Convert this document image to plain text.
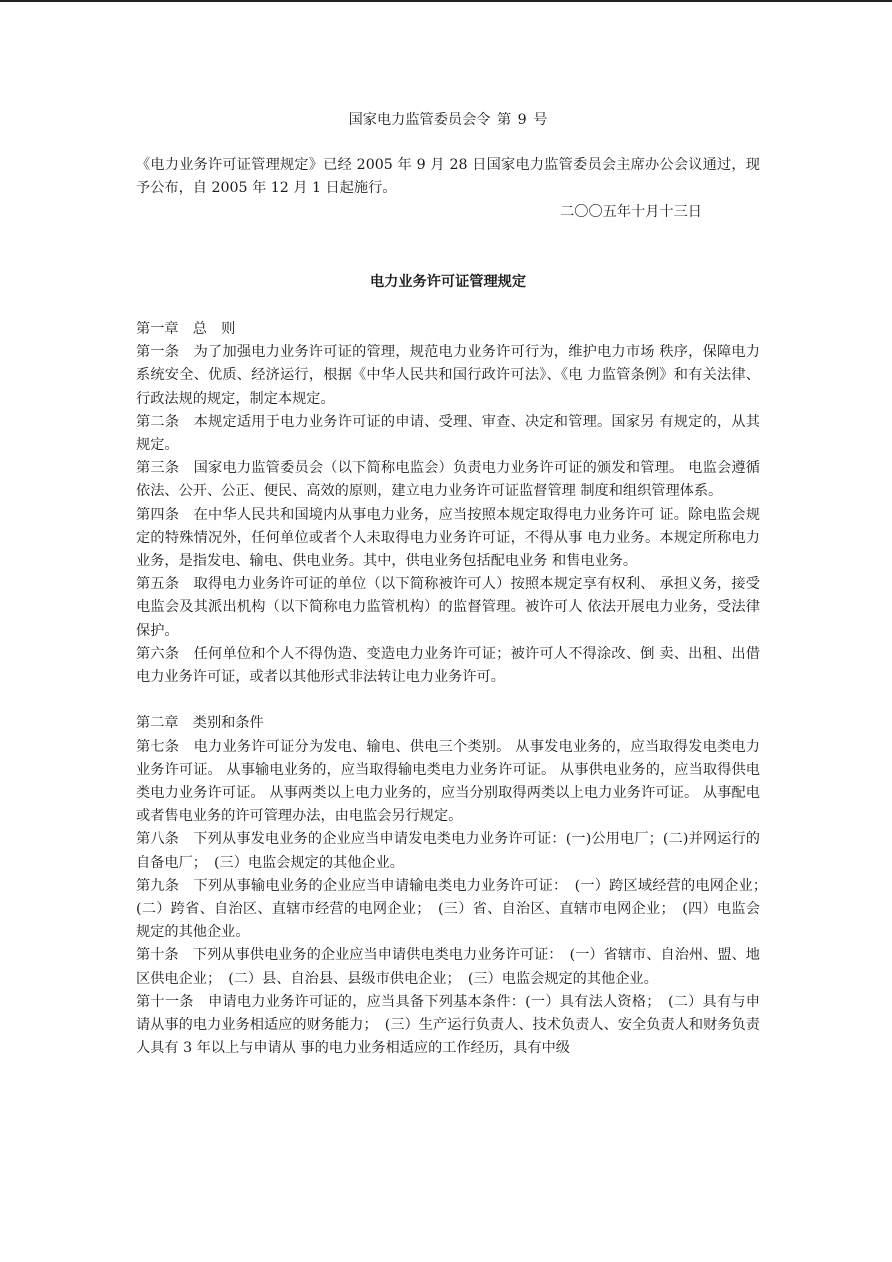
国家电力监管委员会令 第 9 号
《电力业务许可证管理规定》已经 2005 年 9 月 28 日国家电力监管委员会主席办公会议通过，现予公布，自 2005 年 12 月 1 日起施行。
二〇〇五年十月十三日
电力业务许可证管理规定

第一章　总　则

第一条　为了加强电力业务许可证的管理，规范电力业务许可行为，维护电力市场 秩序，保障电力系统安全、优质、经济运行，根据《中华人民共和国行政许可法》、《电 力监管条例》和有关法律、行政法规的规定，制定本规定。

第二条　本规定适用于电力业务许可证的申请、受理、审查、决定和管理。国家另 有规定的，从其规定。

第三条　国家电力监管委员会（以下简称电监会）负责电力业务许可证的颁发和管理。 电监会遵循依法、公开、公正、便民、高效的原则，建立电力业务许可证监督管理 制度和组织管理体系。

第四条　在中华人民共和国境内从事电力业务，应当按照本规定取得电力业务许可 证。除电监会规定的特殊情况外，任何单位或者个人未取得电力业务许可证，不得从事 电力业务。本规定所称电力业务，是指发电、输电、供电业务。其中，供电业务包括配电业务 和售电业务。

第五条　取得电力业务许可证的单位（以下简称被许可人）按照本规定享有权利、 承担义务，接受电监会及其派出机构（以下简称电力监管机构）的监督管理。被许可人 依法开展电力业务，受法律保护。

第六条　任何单位和个人不得伪造、变造电力业务许可证；被许可人不得涂改、倒 卖、出租、出借电力业务许可证，或者以其他形式非法转让电力业务许可。

第二章　类别和条件

第七条　电力业务许可证分为发电、输电、供电三个类别。 从事发电业务的，应当取得发电类电力业务许可证。 从事输电业务的，应当取得输电类电力业务许可证。 从事供电业务的，应当取得供电类电力业务许可证。 从事两类以上电力业务的，应当分别取得两类以上电力业务许可证。 从事配电或者售电业务的许可管理办法，由电监会另行规定。

第八条　下列从事发电业务的企业应当申请发电类电力业务许可证：(一)公用电厂；(二)并网运行的自备电厂；　(三）电监会规定的其他企业。

第九条　下列从事输电业务的企业应当申请输电类电力业务许可证：　(一）跨区域经营的电网企业；　(二）跨省、自治区、直辖市经营的电网企业；　(三）省、自治区、直辖市电网企业；　(四）电监会规定的其他企业。

第十条　下列从事供电业务的企业应当申请供电类电力业务许可证：　(一）省辖市、自治州、盟、地区供电企业；　(二）县、自治县、县级市供电企业；　(三）电监会规定的其他企业。

第十一条　申请电力业务许可证的，应当具备下列基本条件：(一）具有法人资格；　(二）具有与申请从事的电力业务相适应的财务能力；　(三）生产运行负责人、技术负责人、安全负责人和财务负责人具有 3 年以上与申请从 事的电力业务相适应的工作经历，具有中级
